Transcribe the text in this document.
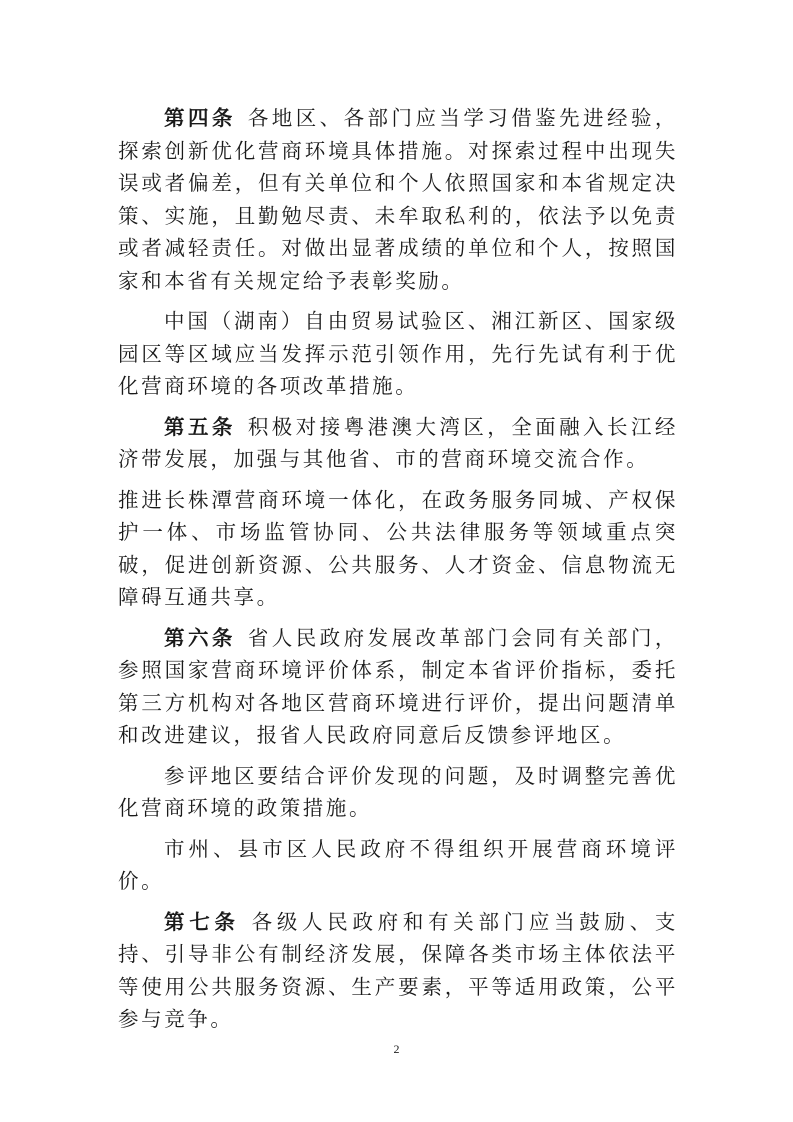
第四条 各地区、各部门应当学习借鉴先进经验，探索创新优化营商环境具体措施。对探索过程中出现失误或者偏差，但有关单位和个人依照国家和本省规定决策、实施，且勤勉尽责、未牟取私利的，依法予以免责或者减轻责任。对做出显著成绩的单位和个人，按照国家和本省有关规定给予表彰奖励。

中国（湖南）自由贸易试验区、湘江新区、国家级园区等区域应当发挥示范引领作用，先行先试有利于优化营商环境的各项改革措施。

第五条 积极对接粤港澳大湾区，全面融入长江经济带发展，加强与其他省、市的营商环境交流合作。

推进长株潭营商环境一体化，在政务服务同城、产权保护一体、市场监管协同、公共法律服务等领域重点突破，促进创新资源、公共服务、人才资金、信息物流无障碍互通共享。

第六条 省人民政府发展改革部门会同有关部门，参照国家营商环境评价体系，制定本省评价指标，委托第三方机构对各地区营商环境进行评价，提出问题清单和改进建议，报省人民政府同意后反馈参评地区。

参评地区要结合评价发现的问题，及时调整完善优化营商环境的政策措施。

市州、县市区人民政府不得组织开展营商环境评价。

第七条 各级人民政府和有关部门应当鼓励、支持、引导非公有制经济发展，保障各类市场主体依法平等使用公共服务资源、生产要素，平等适用政策，公平参与竞争。

2
